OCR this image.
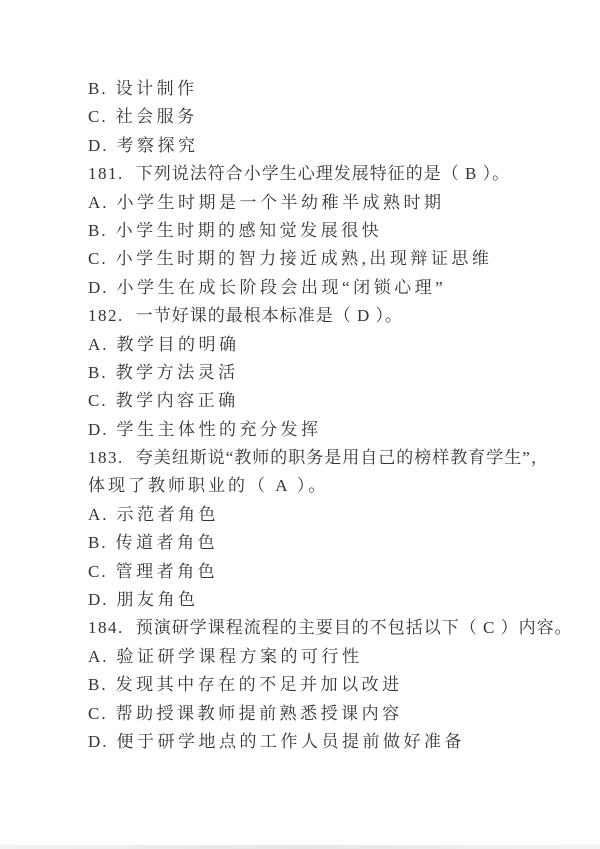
B. 设计制作
C. 社会服务
D. 考察探究
181. 下列说法符合小学生心理发展特征的是（ B ）。
A. 小学生时期是一个半幼稚半成熟时期
B. 小学生时期的感知觉发展很快
C. 小学生时期的智力接近成熟,出现辩证思维
D. 小学生在成长阶段会出现“闭锁心理”
182. 一节好课的最根本标准是（ D ）。
A. 教学目的明确
B. 教学方法灵活
C. 教学内容正确
D. 学生主体性的充分发挥
183. 夸美纽斯说“教师的职务是用自己的榜样教育学生”，
体现了教师职业的（ A ）。
A. 示范者角色
B. 传道者角色
C. 管理者角色
D. 朋友角色
184. 预演研学课程流程的主要目的不包括以下（ C ）内容。
A. 验证研学课程方案的可行性
B. 发现其中存在的不足并加以改进
C. 帮助授课教师提前熟悉授课内容
D. 便于研学地点的工作人员提前做好准备
